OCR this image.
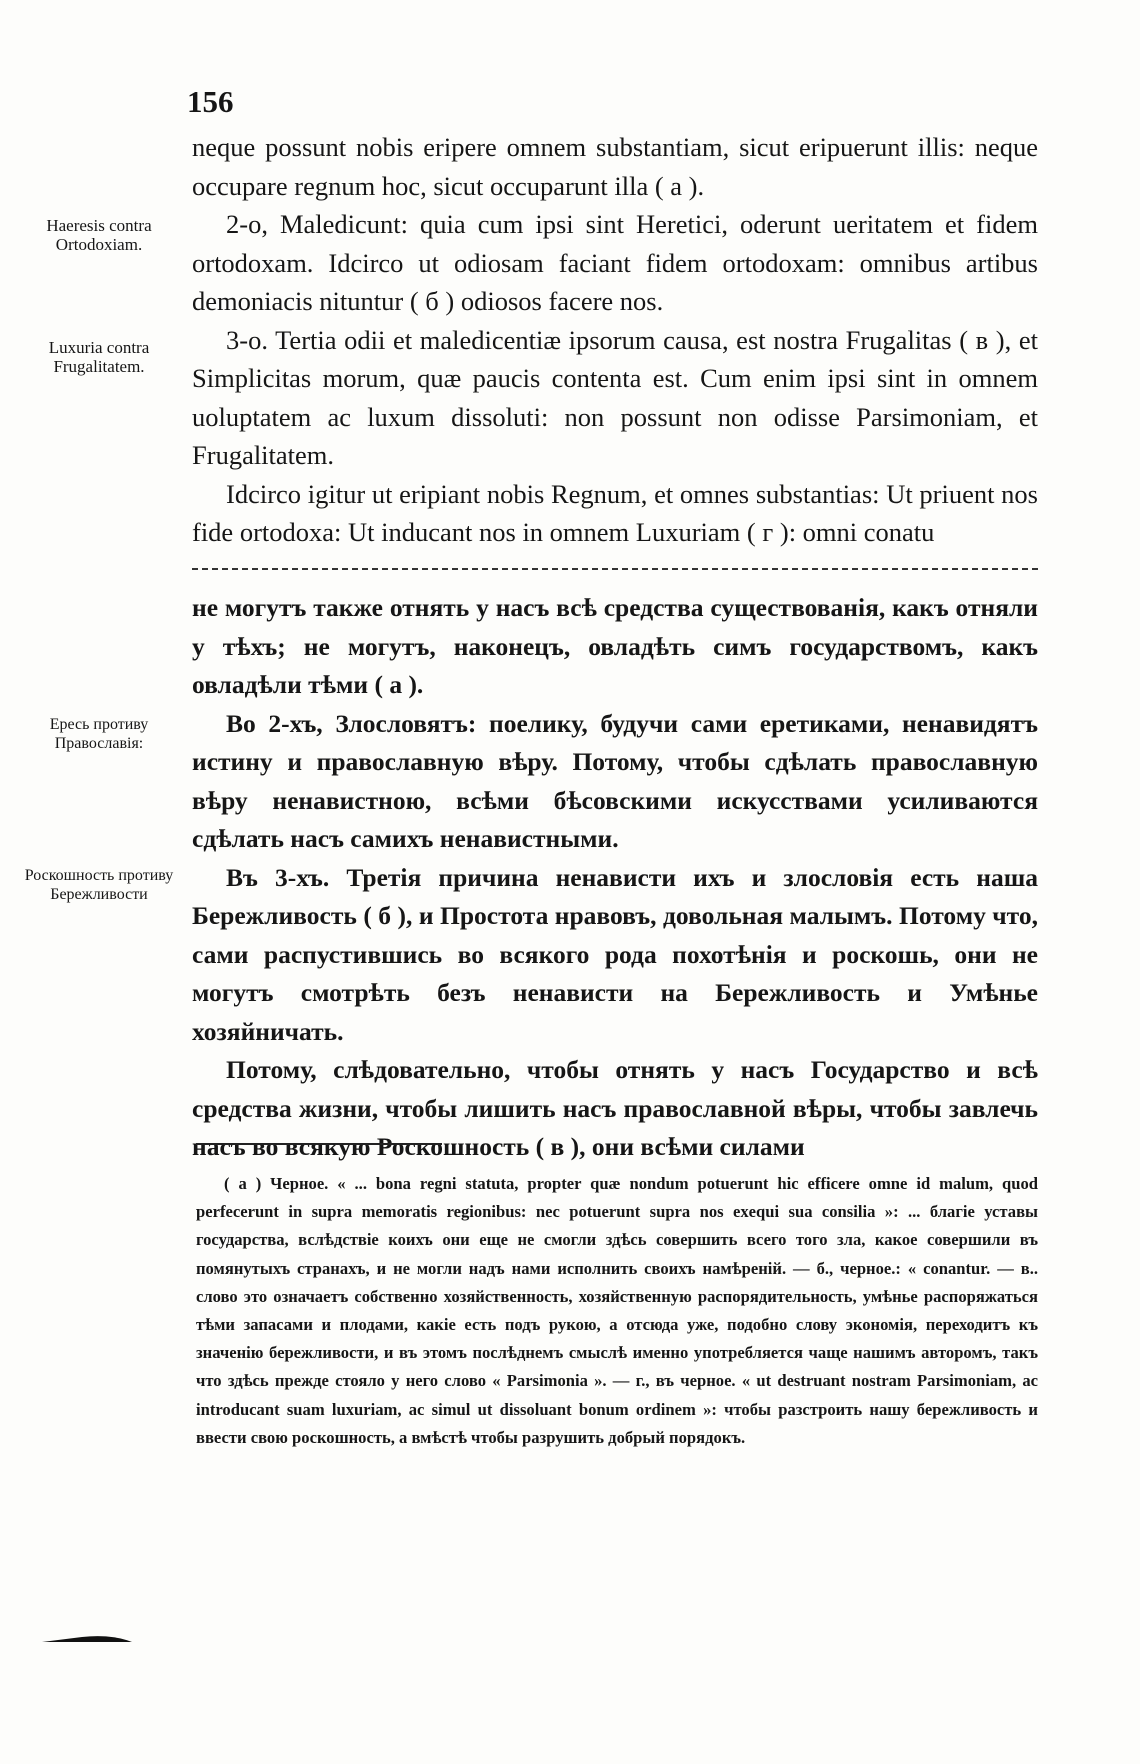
156
Haeresis contra Ortodoxiam.
Luxuria contra Frugalitatem.

neque possunt nobis eripere omnem substantiam, sicut eripuerunt illis: neque occupare regnum hoc, sicut occuparunt illa ( a ).

2-o, Maledicunt: quia cum ipsi sint Heretici, oderunt ueritatem et fidem ortodoxam. Idcirco ut odiosam faciant fidem ortodoxam: omnibus artibus demoniacis nituntur ( б ) odiosos facere nos.

3-o. Tertia odii et maledicentiæ ipsorum causa, est nostra Frugalitas ( в ), et Simplicitas morum, quæ paucis contenta est. Cum enim ipsi sint in omnem uoluptatem ac luxum dissoluti: non possunt non odisse Parsimoniam, et Frugalitatem.

Idcirco igitur ut eripiant nobis Regnum, et omnes substantias: Ut priuent nos fide ortodoxa: Ut inducant nos in omnem Luxuriam ( г ): omni conatu

Ересь противу Православія:
Роскошность противу Бережливости

не могутъ также отнять у насъ всѣ средства существованія, какъ отняли у тѣхъ; не могутъ, наконецъ, овладѣть симъ государствомъ, какъ овладѣли тѣми ( а ).

Во 2-хъ, Злословятъ: поелику, будучи сами еретиками, ненавидятъ истину и православную вѣру. Потому, чтобы сдѣлать православную вѣру ненавистною, всѣми бѣсовскими искусствами усиливаются сдѣлать насъ самихъ ненавистными.

Въ 3-хъ. Третія причина ненависти ихъ и злословія есть наша Бережливость ( б ), и Простота нравовъ, довольная малымъ. Потому что, сами распустившись во всякого рода похотѣнія и роскошь, они не могутъ смотрѣть безъ ненависти на Бережливость и Умѣнье хозяйничать.

Потому, слѣдовательно, чтобы отнять у насъ Государство и всѣ средства жизни, чтобы лишить насъ православной вѣры, чтобы завлечь насъ во всякую Роскошность ( в ), они всѣми силами

( а ) Черное. « ... bona regni statuta, propter quæ nondum potuerunt hic efficere omne id malum, quod perfecerunt in supra memoratis regionibus: nec potuerunt supra nos exequi sua consilia »: ... благіе уставы государства, вслѣдствіе коихъ они еще не смогли здѣсь совершить всего того зла, какое совершили въ помянутыхъ странахъ, и не могли надъ нами исполнить своихъ намѣреній. — б., черное.: « conantur. — в.. слово это означаетъ собственно хозяйственность, хозяйственную распорядительность, умѣнье распоряжаться тѣми запасами и плодами, какіе есть подъ рукою, а отсюда уже, подобно слову экономія, переходитъ къ значенію бережливости, и въ этомъ послѣднемъ смыслѣ именно употребляется чаще нашимъ авторомъ, такъ что здѣсь прежде стояло у него слово « Parsimonia ». — г., въ черное. « ut destruant nostram Parsimoniam, ac introducant suam luxuriam, ac simul ut dissoluant bonum ordinem »: чтобы разстроить нашу бережливость и ввести свою роскошность, а вмѣстѣ чтобы разрушить добрый порядокъ.
